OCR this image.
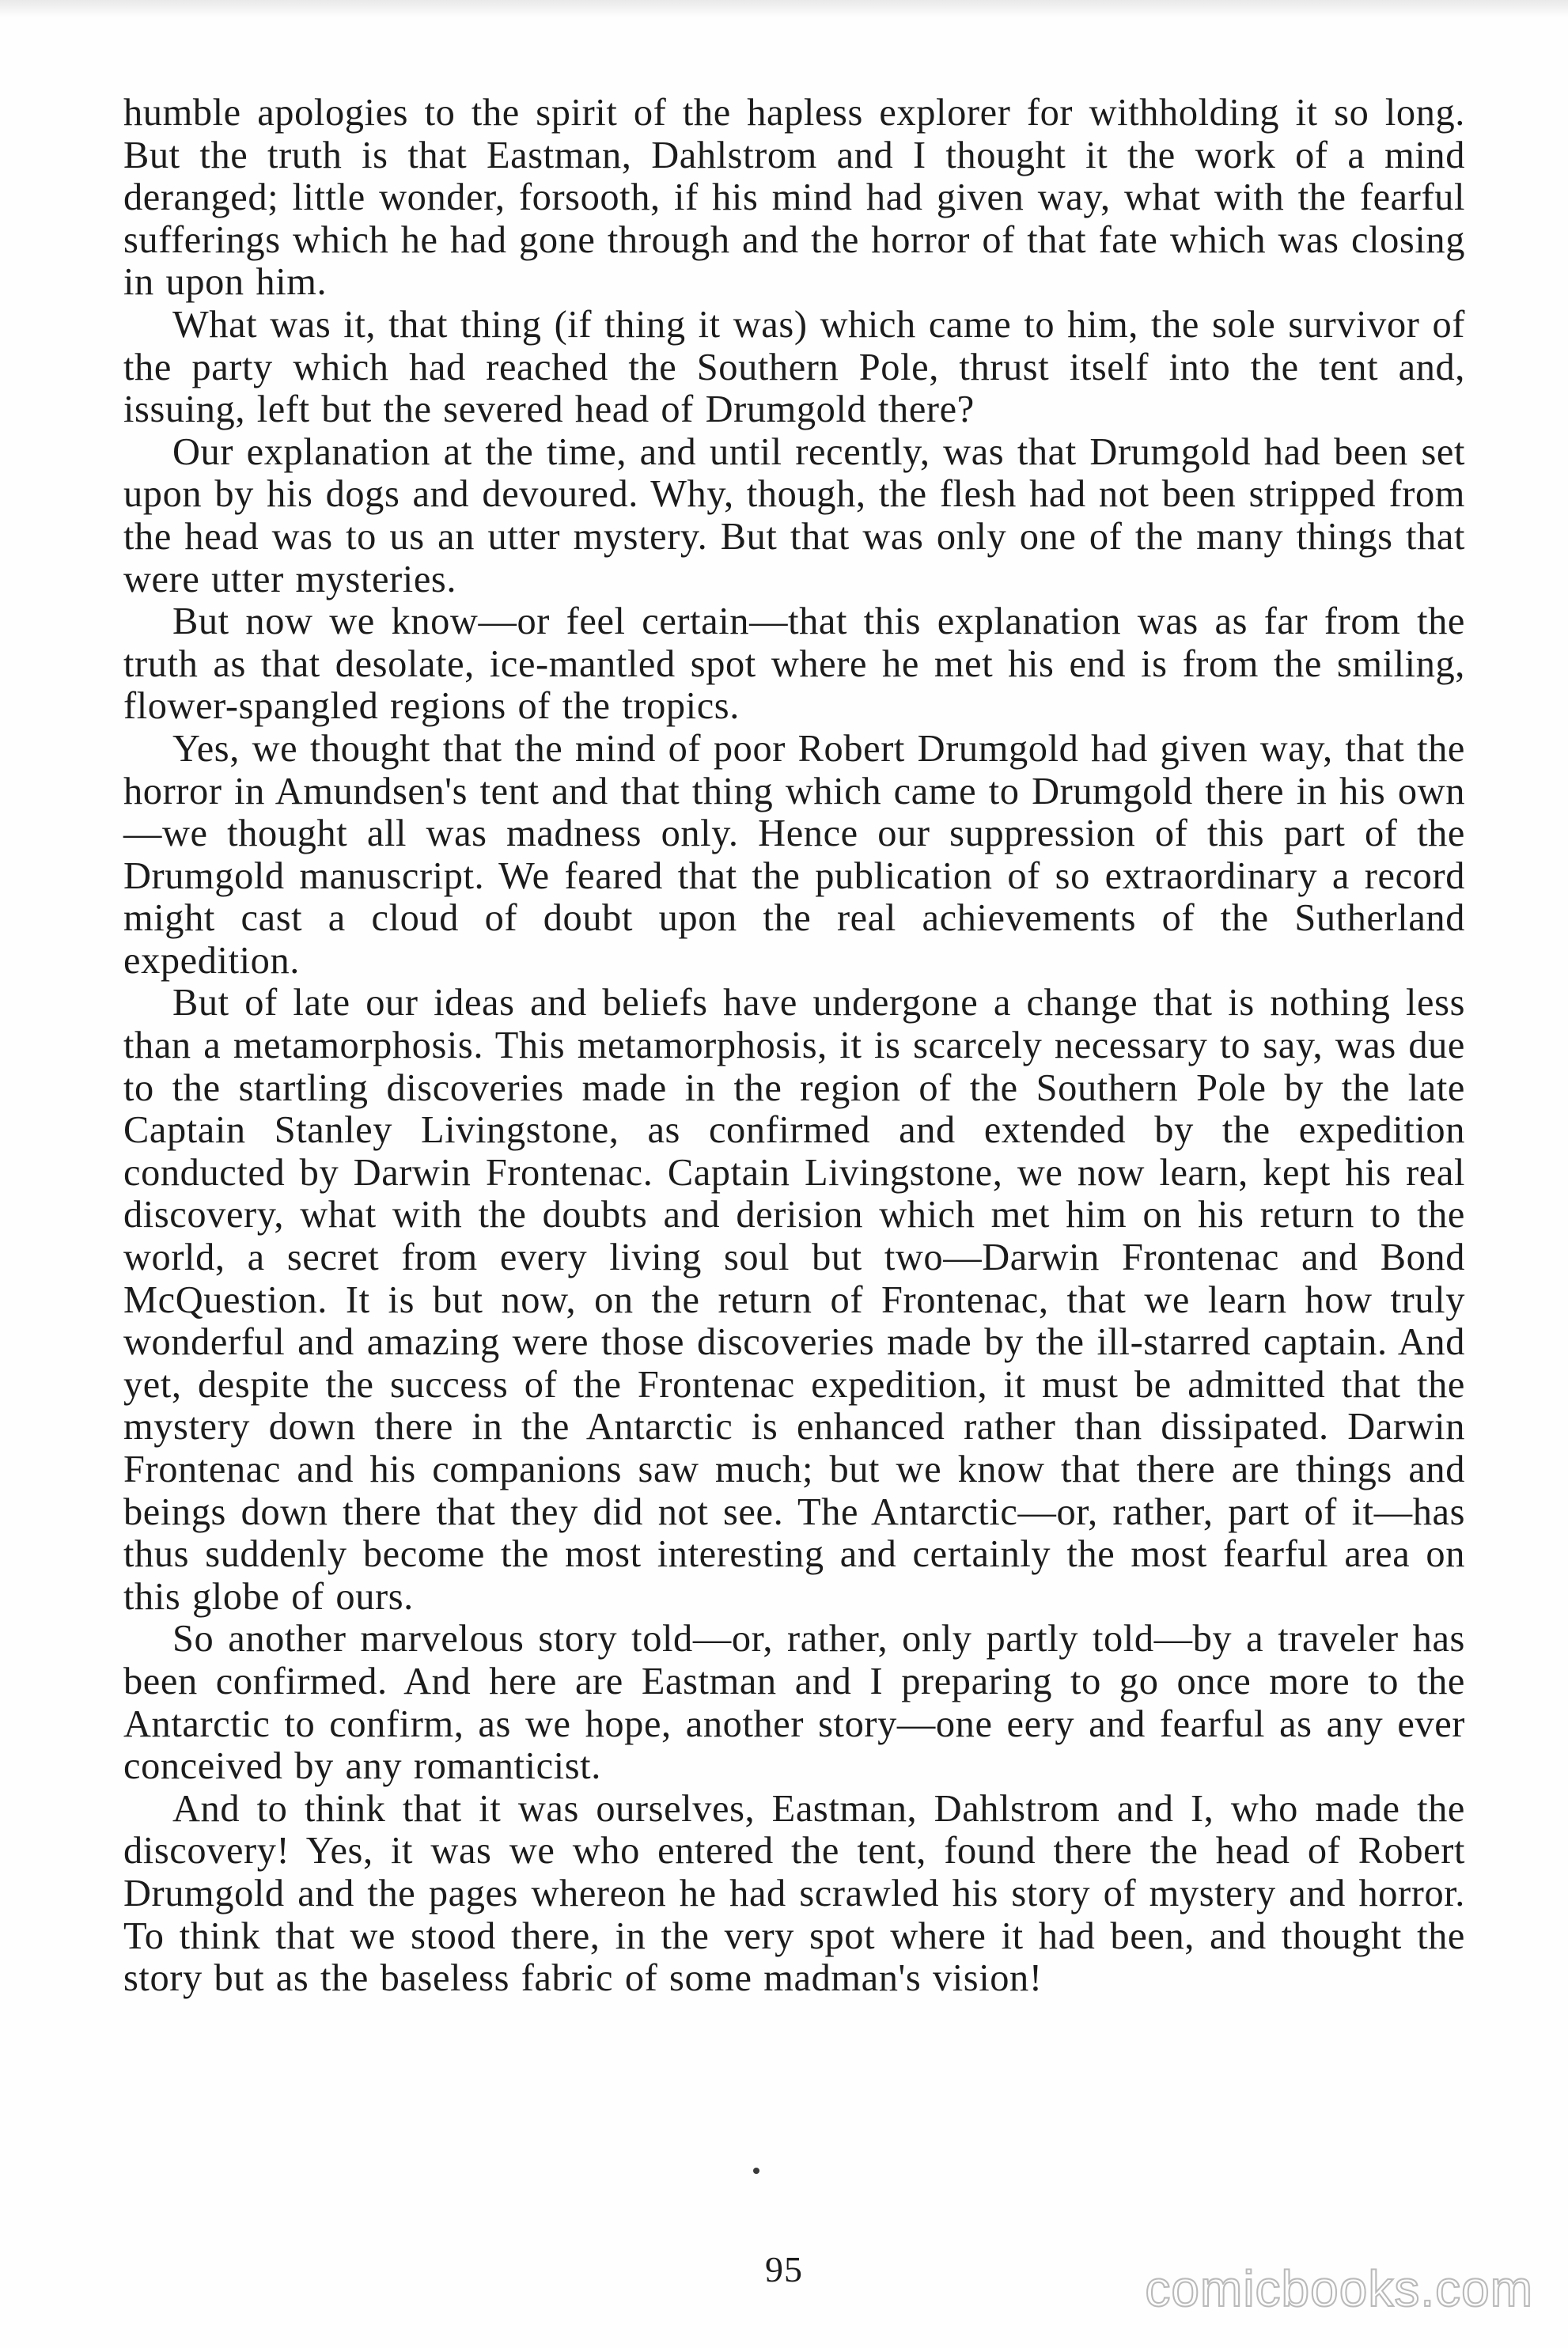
humble apologies to the spirit of the hapless explorer for withholding it so long. But the truth is that Eastman, Dahlstrom and I thought it the work of a mind deranged; little wonder, forsooth, if his mind had given way, what with the fearful sufferings which he had gone through and the horror of that fate which was closing in upon him.

What was it, that thing (if thing it was) which came to him, the sole survivor of the party which had reached the Southern Pole, thrust itself into the tent and, issuing, left but the severed head of Drumgold there?

Our explanation at the time, and until recently, was that Drumgold had been set upon by his dogs and devoured. Why, though, the flesh had not been stripped from the head was to us an utter mystery. But that was only one of the many things that were utter mysteries.

But now we know—or feel certain—that this explanation was as far from the truth as that desolate, ice-mantled spot where he met his end is from the smiling, flower-spangled regions of the tropics.

Yes, we thought that the mind of poor Robert Drumgold had given way, that the horror in Amundsen's tent and that thing which came to Drumgold there in his own—we thought all was madness only. Hence our suppression of this part of the Drumgold manuscript. We feared that the publication of so extraordinary a record might cast a cloud of doubt upon the real achievements of the Sutherland expedition.

But of late our ideas and beliefs have undergone a change that is nothing less than a metamorphosis. This metamorphosis, it is scarcely necessary to say, was due to the startling discoveries made in the region of the Southern Pole by the late Captain Stanley Livingstone, as confirmed and extended by the expedition conducted by Darwin Frontenac. Captain Livingstone, we now learn, kept his real discovery, what with the doubts and derision which met him on his return to the world, a secret from every living soul but two—Darwin Frontenac and Bond McQuestion. It is but now, on the return of Frontenac, that we learn how truly wonderful and amazing were those discoveries made by the ill-starred captain. And yet, despite the success of the Frontenac expedition, it must be admitted that the mystery down there in the Antarctic is enhanced rather than dissipated. Darwin Frontenac and his companions saw much; but we know that there are things and beings down there that they did not see. The Antarctic—or, rather, part of it—has thus suddenly become the most interesting and certainly the most fearful area on this globe of ours.

So another marvelous story told—or, rather, only partly told—by a traveler has been confirmed. And here are Eastman and I preparing to go once more to the Antarctic to confirm, as we hope, another story—one eery and fearful as any ever conceived by any romanticist.

And to think that it was ourselves, Eastman, Dahlstrom and I, who made the discovery! Yes, it was we who entered the tent, found there the head of Robert Drumgold and the pages whereon he had scrawled his story of mystery and horror. To think that we stood there, in the very spot where it had been, and thought the story but as the baseless fabric of some madman's vision!

95	comicbooks.com
